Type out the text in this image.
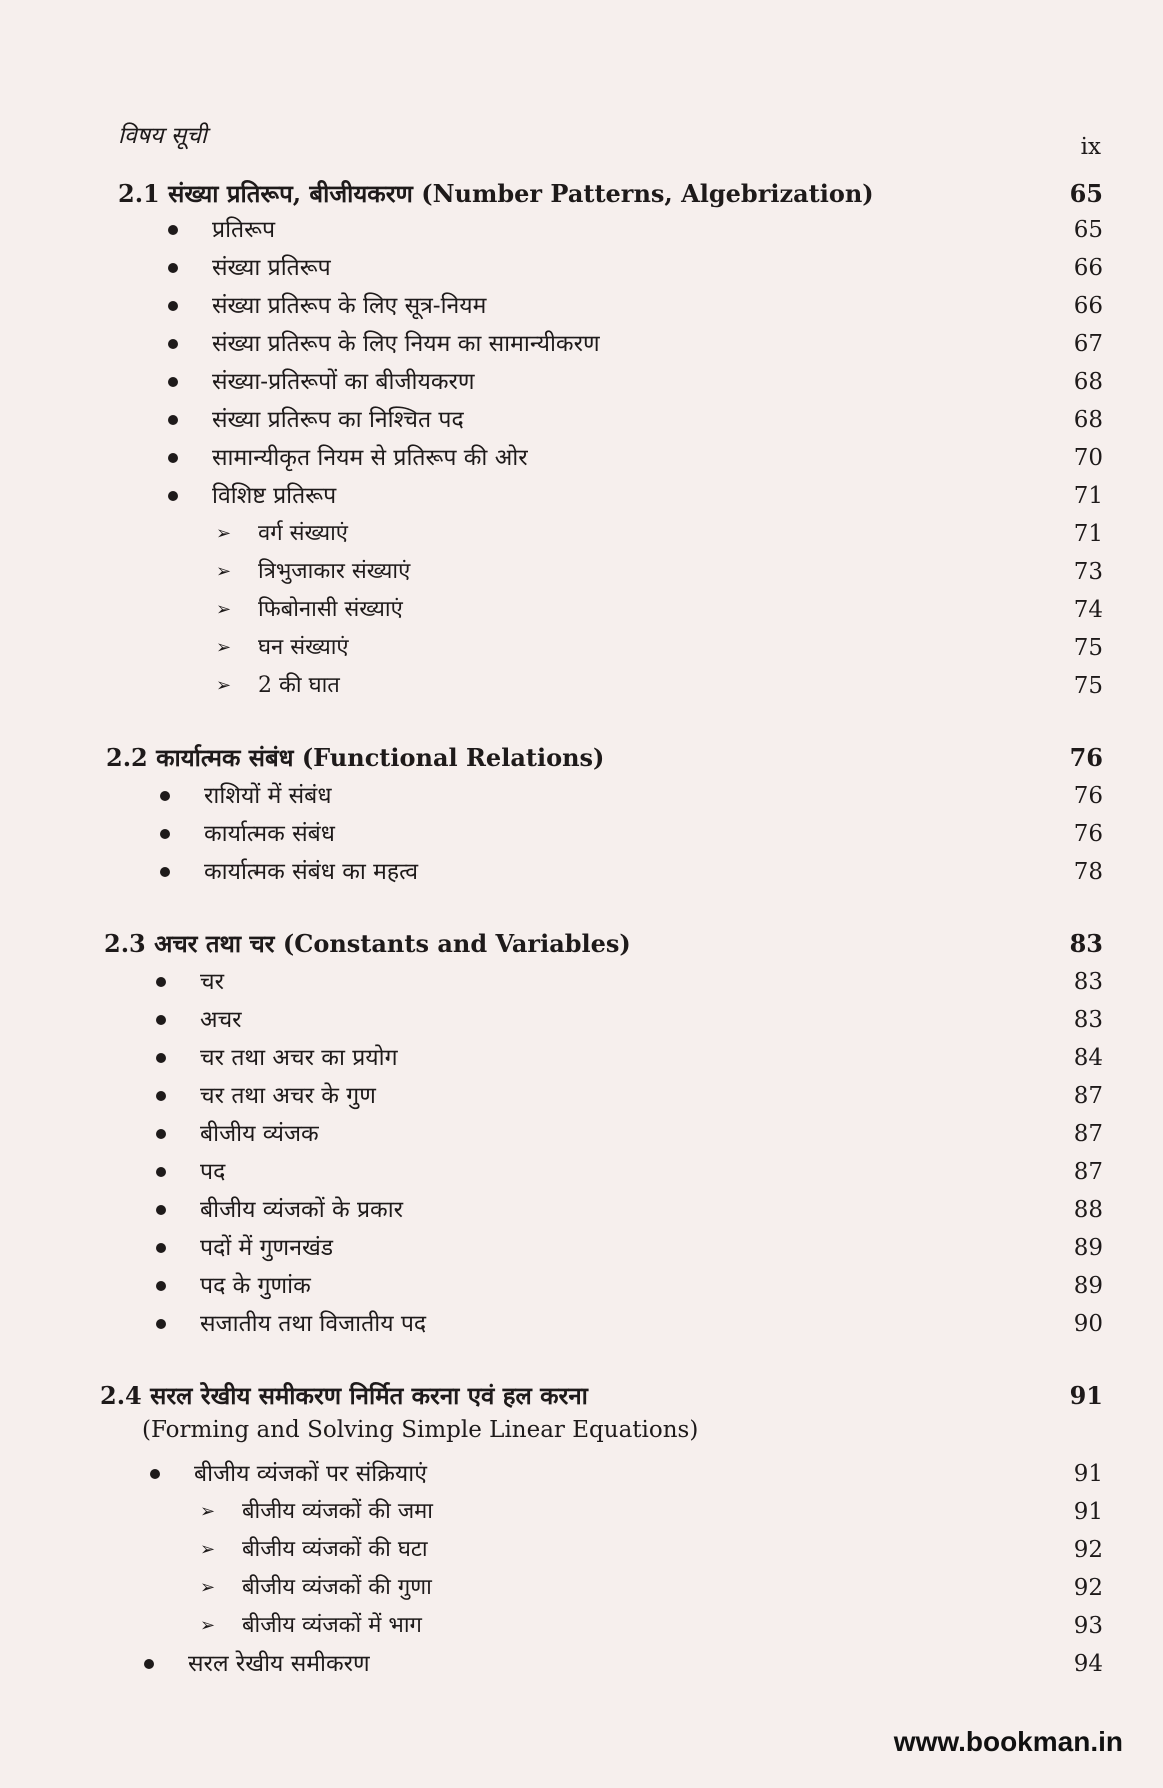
विषय सूची	ix
2.1 संख्या प्रतिरूप, बीजीयकरण (Number Patterns, Algebrization)	65
प्रतिरूप	65
संख्या प्रतिरूप	66
संख्या प्रतिरूप के लिए सूत्र-नियम	66
संख्या प्रतिरूप के लिए नियम का सामान्यीकरण	67
संख्या-प्रतिरूपों का बीजीयकरण	68
संख्या प्रतिरूप का निश्चित पद	68
सामान्यीकृत नियम से प्रतिरूप की ओर	70
विशिष्ट प्रतिरूप	71
➢ वर्ग संख्याएं	71
➢ त्रिभुजाकार संख्याएं	73
➢ फिबोनासी संख्याएं	74
➢ घन संख्याएं	75
➢ 2 की घात	75
2.2 कार्यात्मक संबंध (Functional Relations)	76
राशियों में संबंध	76
कार्यात्मक संबंध	76
कार्यात्मक संबंध का महत्व	78
2.3 अचर तथा चर (Constants and Variables)	83
चर	83
अचर	83
चर तथा अचर का प्रयोग	84
चर तथा अचर के गुण	87
बीजीय व्यंजक	87
पद	87
बीजीय व्यंजकों के प्रकार	88
पदों में गुणनखंड	89
पद के गुणांक	89
सजातीय तथा विजातीय पद	90
2.4 सरल रेखीय समीकरण निर्मित करना एवं हल करना	91
(Forming and Solving Simple Linear Equations)
बीजीय व्यंजकों पर संक्रियाएं	91
➢ बीजीय व्यंजकों की जमा	91
➢ बीजीय व्यंजकों की घटा	92
➢ बीजीय व्यंजकों की गुणा	92
➢ बीजीय व्यंजकों में भाग	93
सरल रेखीय समीकरण	94
www.bookman.in
